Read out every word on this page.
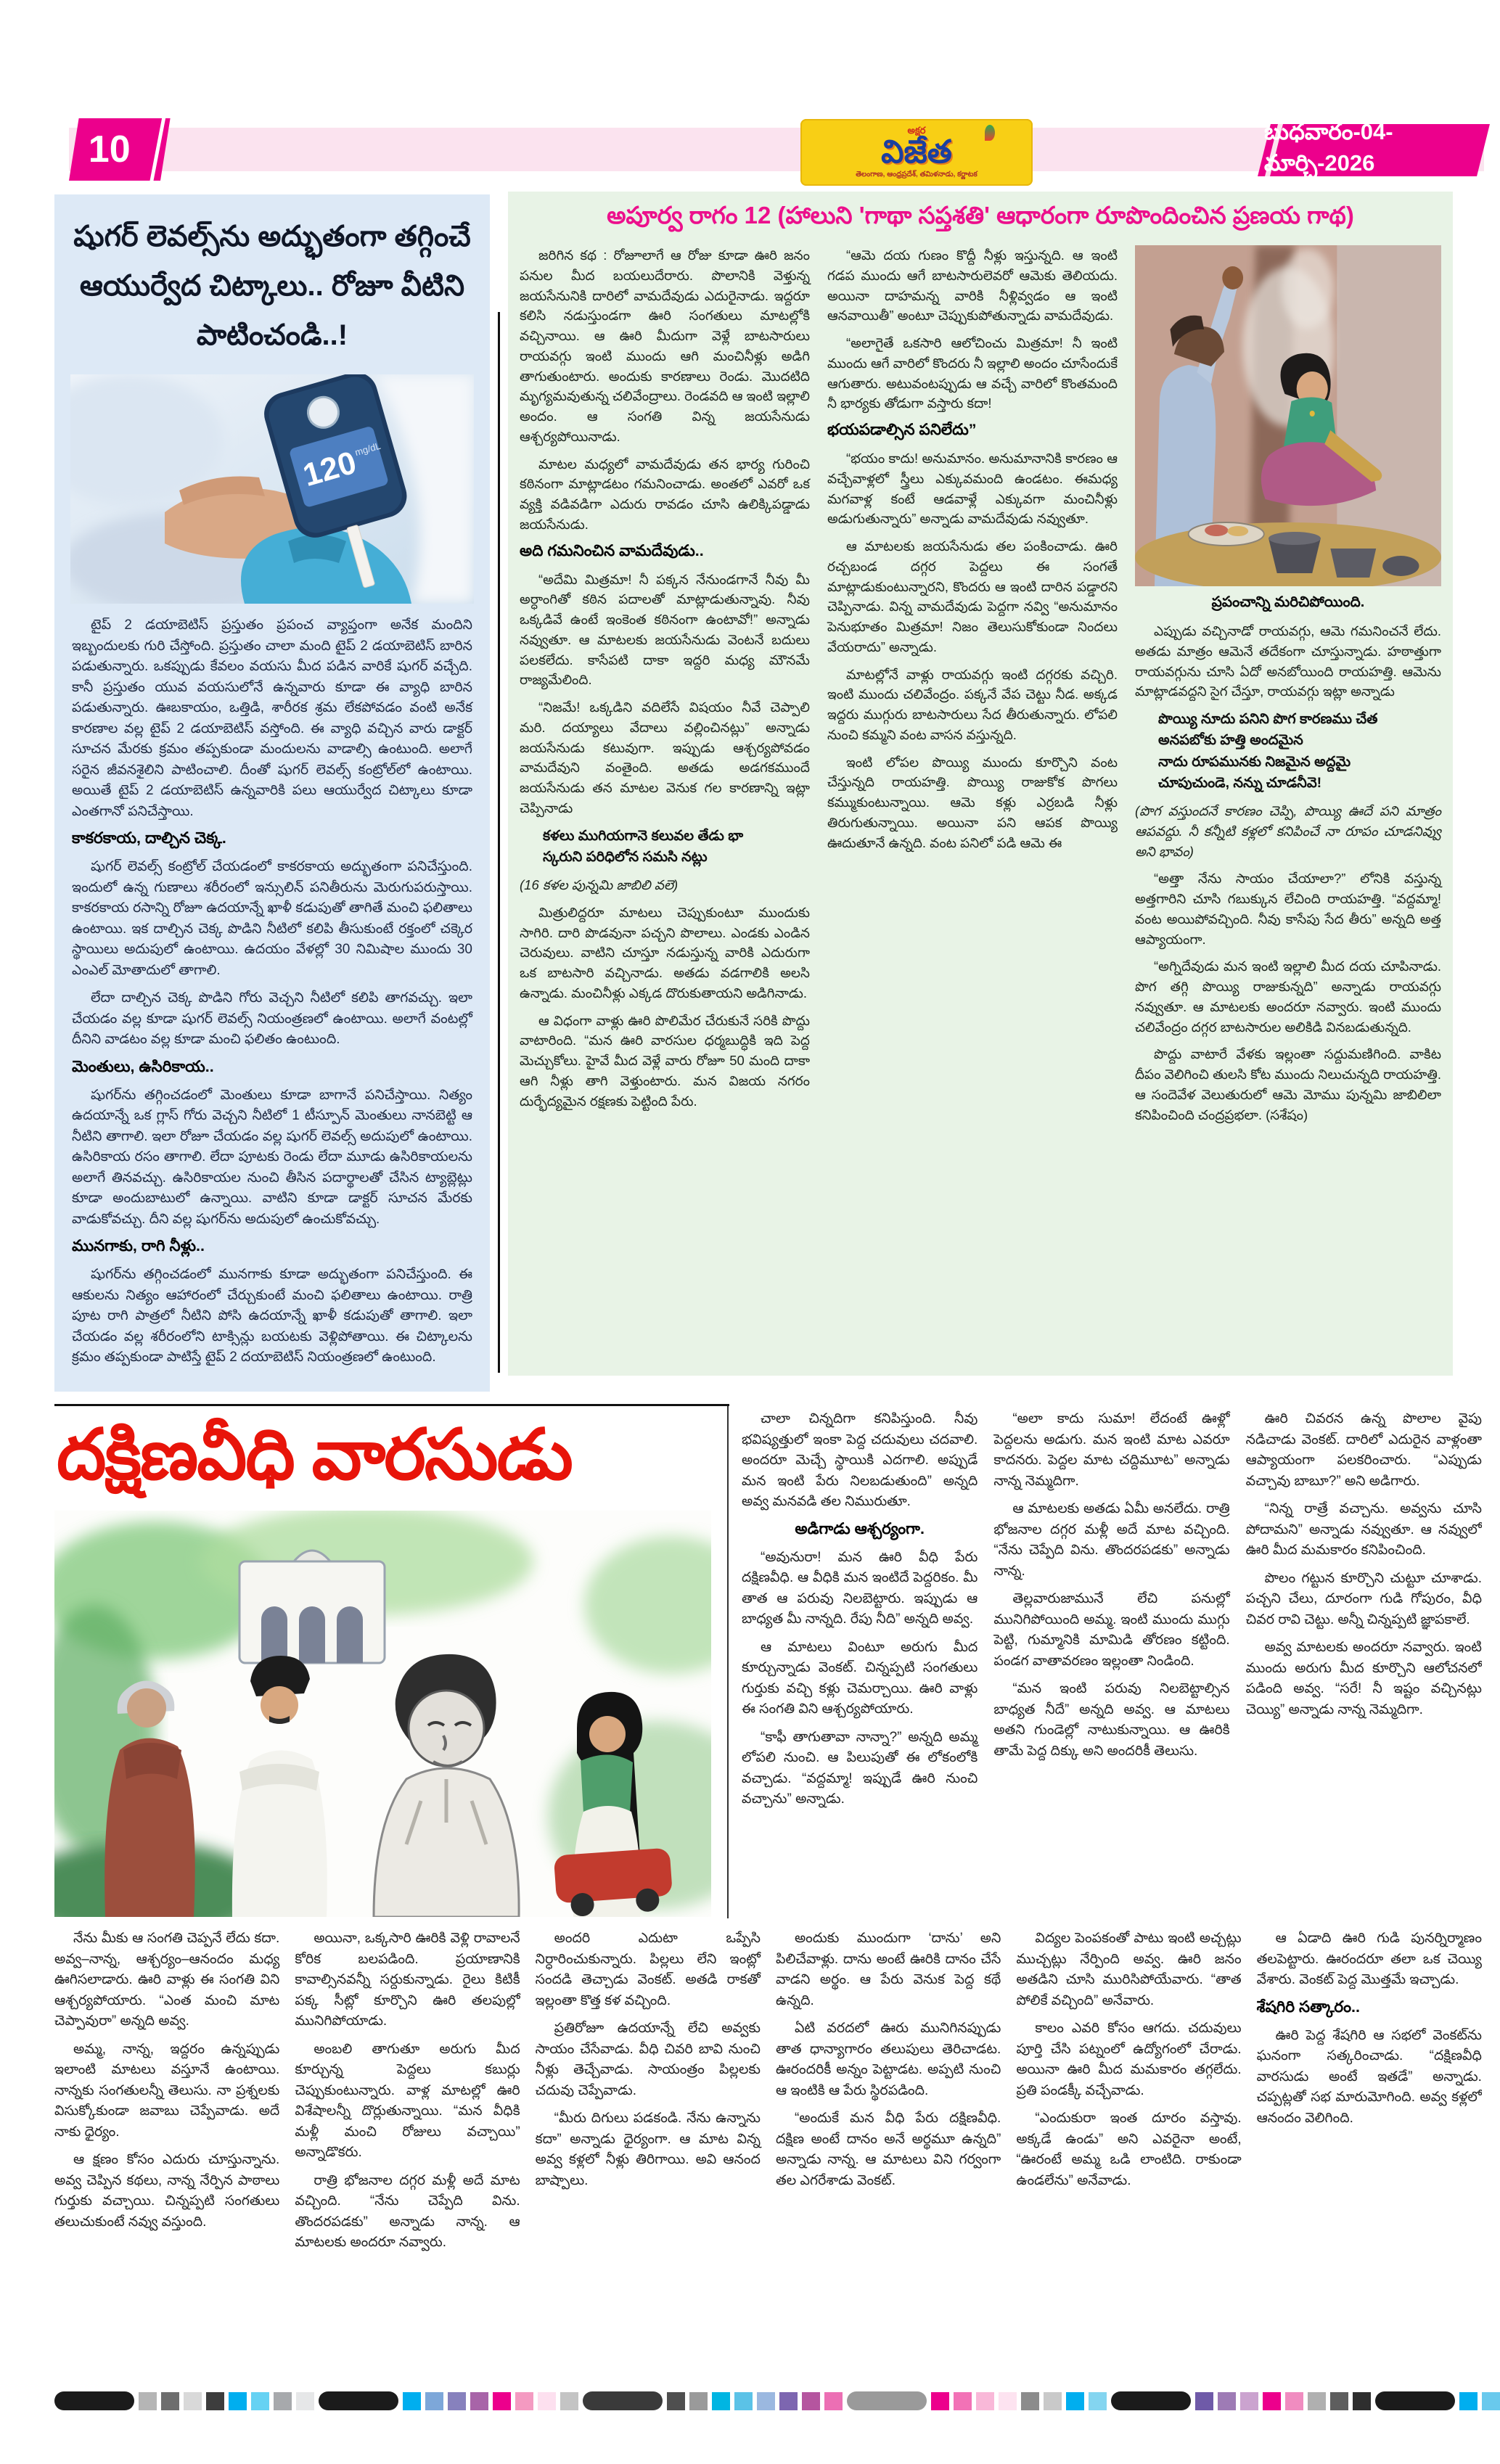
10	అక్షర
విజేత
తెలంగాణ, ఆంధ్రప్రదేశ్, తమిళనాడు, కర్ణాటక
బుధవారం-04-మార్చి-2026
షుగర్ లెవల్స్‌ను అద్భుతంగా తగ్గించే ఆయుర్వేద చిట్కాలు.. రోజూ వీటిని పాటించండి..!
120
mg/dL

టైప్ 2 డయాబెటిస్ ప్రస్తుతం ప్రపంచ వ్యాప్తంగా అనేక మందిని ఇబ్బందులకు గురి చేస్తోంది. ప్రస్తుతం చాలా మంది టైప్ 2 డయాబెటిస్ బారిన పడుతున్నారు. ఒకప్పుడు కేవలం వయసు మీద పడిన వారికే షుగర్ వచ్చేది. కానీ ప్రస్తుతం యువ వయసులోనే ఉన్నవారు కూడా ఈ వ్యాధి బారిన పడుతున్నారు. ఊబకాయం, ఒత్తిడి, శారీరక శ్రమ లేకపోవడం వంటి అనేక కారణాల వల్ల టైప్ 2 డయాబెటిస్ వస్తోంది. ఈ వ్యాధి వచ్చిన వారు డాక్టర్ సూచన మేరకు క్రమం తప్పకుండా మందులను వాడాల్సి ఉంటుంది. అలాగే సరైన జీవనశైలిని పాటించాలి. దీంతో షుగర్ లెవల్స్ కంట్రోల్‌లో ఉంటాయి. అయితే టైప్ 2 డయాబెటిస్ ఉన్నవారికి పలు ఆయుర్వేద చిట్కాలు కూడా ఎంతగానో పనిచేస్తాయి.

కాకరకాయ, దాల్చిన చెక్క.

షుగర్ లెవల్స్ కంట్రోల్ చేయడంలో కాకరకాయ అద్భుతంగా పనిచేస్తుంది. ఇందులో ఉన్న గుణాలు శరీరంలో ఇన్సులిన్ పనితీరును మెరుగుపరుస్తాయి. కాకరకాయ రసాన్ని రోజూ ఉదయాన్నే ఖాళీ కడుపుతో తాగితే మంచి ఫలితాలు ఉంటాయి. ఇక దాల్చిన చెక్క పొడిని నీటిలో కలిపి తీసుకుంటే రక్తంలో చక్కెర స్థాయిలు అదుపులో ఉంటాయి. ఉదయం వేళల్లో 30 నిమిషాల ముందు 30 ఎంఎల్ మోతాదులో తాగాలి.

లేదా దాల్చిన చెక్క పొడిని గోరు వెచ్చని నీటిలో కలిపి తాగవచ్చు. ఇలా చేయడం వల్ల కూడా షుగర్ లెవల్స్ నియంత్రణలో ఉంటాయి. అలాగే వంటల్లో దీనిని వాడటం వల్ల కూడా మంచి ఫలితం ఉంటుంది.

మెంతులు, ఉసిరికాయ..

షుగర్‌ను తగ్గించడంలో మెంతులు కూడా బాగానే పనిచేస్తాయి. నిత్యం ఉదయాన్నే ఒక గ్లాస్ గోరు వెచ్చని నీటిలో 1 టీస్పూన్ మెంతులు నానబెట్టి ఆ నీటిని తాగాలి. ఇలా రోజూ చేయడం వల్ల షుగర్ లెవల్స్ అదుపులో ఉంటాయి. ఉసిరికాయ రసం తాగాలి. లేదా పూటకు రెండు లేదా మూడు ఉసిరికాయలను అలాగే తినవచ్చు. ఉసిరికాయల నుంచి తీసిన పదార్థాలతో చేసిన ట్యాబ్లెట్లు కూడా అందుబాటులో ఉన్నాయి. వాటిని కూడా డాక్టర్ సూచన మేరకు వాడుకోవచ్చు. దీని వల్ల షుగర్‌ను అదుపులో ఉంచుకోవచ్చు.

మునగాకు, రాగి నీళ్లు..

షుగర్‌ను తగ్గించడంలో మునగాకు కూడా అద్భుతంగా పనిచేస్తుంది. ఈ ఆకులను నిత్యం ఆహారంలో చేర్చుకుంటే మంచి ఫలితాలు ఉంటాయి. రాత్రి పూట రాగి పాత్రలో నీటిని పోసి ఉదయాన్నే ఖాళీ కడుపుతో తాగాలి. ఇలా చేయడం వల్ల శరీరంలోని టాక్సిన్లు బయటకు వెళ్లిపోతాయి. ఈ చిట్కాలను క్రమం తప్పకుండా పాటిస్తే టైప్ 2 దయాబెటిస్ నియంత్రణలో ఉంటుంది.

అపూర్వ రాగం 12 (హాలుని 'గాథా సప్తశతి' ఆధారంగా రూపొందించిన ప్రణయ గాథ)

జరిగిన కథ : రోజూలాగే ఆ రోజు కూడా ఊరి జనం పనుల మీద బయలుదేరారు. పొలానికి వెళ్తున్న జయసేనునికి దారిలో వామదేవుడు ఎదురైనాడు. ఇద్దరూ కలిసి నడుస్తుండగా ఊరి సంగతులు మాటల్లోకి వచ్చినాయి. ఆ ఊరి మీదుగా వెళ్లే బాటసారులు రాయవగ్గు ఇంటి ముందు ఆగి మంచినీళ్లు అడిగి తాగుతుంటారు. అందుకు కారణాలు రెండు. మొదటిది మృగ్యమవుతున్న చలివేంద్రాలు. రెండవది ఆ ఇంటి ఇల్లాలి అందం. ఆ సంగతి విన్న జయసేనుడు ఆశ్చర్యపోయినాడు.

మాటల మధ్యలో వామదేవుడు తన భార్య గురించి కఠినంగా మాట్లాడటం గమనించాడు. అంతలో ఎవరో ఒక వ్యక్తి వడివడిగా ఎదురు రావడం చూసి ఉలిక్కిపడ్డాడు జయసేనుడు.

అది గమనించిన వామదేవుడు..

“అదేమి మిత్రమా! నీ పక్కన నేనుండగానే నీవు మీ అర్ధాంగితో కఠిన పదాలతో మాట్లాడుతున్నావు. నీవు ఒక్కడివే ఉంటే ఇంకెంత కఠినంగా ఉంటావో!” అన్నాడు నవ్వుతూ. ఆ మాటలకు జయసేనుడు వెంటనే బదులు పలకలేదు. కాసేపటి దాకా ఇద్దరి మధ్య మౌనమే రాజ్యమేలింది.

“నిజమే! ఒక్కడిని వదిలేసే విషయం నీవే చెప్పాలి మరి. దయ్యాలు వేదాలు వల్లించినట్లు” అన్నాడు జయసేనుడు కటువుగా. ఇప్పుడు ఆశ్చర్యపోవడం వామదేవుని వంతైంది. అతడు అడగకముందే జయసేనుడు తన మాటల వెనుక గల కారణాన్ని ఇట్లా చెప్పినాడు

కళలు ముగియగానె కలువల తేడు భా
స్కరుని పరిధిలోన సమసి నట్లు

(16 కళల పున్నమి జాబిలి వలె)

మిత్రులిద్దరూ మాటలు చెప్పుకుంటూ ముందుకు సాగిరి. దారి పొడవునా పచ్చని పొలాలు. ఎండకు ఎండిన చెరువులు. వాటిని చూస్తూ నడుస్తున్న వారికి ఎదురుగా ఒక బాటసారి వచ్చినాడు. అతడు వడగాలికి అలసి ఉన్నాడు. మంచినీళ్లు ఎక్కడ దొరుకుతాయని అడిగినాడు.

ఆ విధంగా వాళ్లు ఊరి పొలిమేర చేరుకునే సరికి పొద్దు వాటారింది. “మన ఊరి వారసుల ధర్మబుద్ధికి ఇది పెద్ద మెచ్చుకోలు. హైవే మీద వెళ్లే వారు రోజూ 50 మంది దాకా ఆగి నీళ్లు తాగి వెళ్తుంటారు. మన విజయ నగరం దుర్భేద్యమైన రక్షణకు పెట్టింది పేరు.

“ఆమె దయ గుణం కొద్దీ నీళ్లు ఇస్తున్నది. ఆ ఇంటి గడప ముందు ఆగే బాటసారులెవరో ఆమెకు తెలియదు. అయినా దాహమన్న వారికి నీళ్లివ్వడం ఆ ఇంటి ఆనవాయితీ” అంటూ చెప్పుకుపోతున్నాడు వామదేవుడు.

“అలాగైతే ఒకసారి ఆలోచించు మిత్రమా! నీ ఇంటి ముందు ఆగే వారిలో కొందరు నీ ఇల్లాలి అందం చూసేందుకే ఆగుతారు. అటువంటప్పుడు ఆ వచ్చే వారిలో కొంతమంది నీ భార్యకు తోడుగా వస్తారు కదా!

భయపడాల్సిన పనిలేదు”

“భయం కాదు! అనుమానం. అనుమానానికి కారణం ఆ వచ్చేవాళ్లలో స్త్రీలు ఎక్కువమంది ఉండటం. ఈమధ్య మగవాళ్ల కంటే ఆడవాళ్లే ఎక్కువగా మంచినీళ్లు అడుగుతున్నారు” అన్నాడు వామదేవుడు నవ్వుతూ.

ఆ మాటలకు జయసేనుడు తల పంకించాడు. ఊరి రచ్చబండ దగ్గర పెద్దలు ఈ సంగతే మాట్లాడుకుంటున్నారని, కొందరు ఆ ఇంటి దారిన పడ్డారని చెప్పినాడు. విన్న వామదేవుడు పెద్దగా నవ్వి “అనుమానం పెనుభూతం మిత్రమా! నిజం తెలుసుకోకుండా నిందలు వేయరాదు” అన్నాడు.

మాటల్లోనే వాళ్లు రాయవగ్గు ఇంటి దగ్గరకు వచ్చిరి. ఇంటి ముందు చలివేంద్రం. పక్కనే వేప చెట్టు నీడ. అక్కడ ఇద్దరు ముగ్గురు బాటసారులు సేద తీరుతున్నారు. లోపలి నుంచి కమ్మని వంట వాసన వస్తున్నది.

ఇంటి లోపల పొయ్యి ముందు కూర్చొని వంట చేస్తున్నది రాయహత్తి. పొయ్యి రాజుకోక పొగలు కమ్ముకుంటున్నాయి. ఆమె కళ్లు ఎర్రబడి నీళ్లు తిరుగుతున్నాయి. అయినా పని ఆపక పొయ్యి ఊదుతూనే ఉన్నది. వంట పనిలో పడి ఆమె ఈ

ప్రపంచాన్ని మరిచిపోయింది.

ఎప్పుడు వచ్చినాడో రాయవగ్గు, ఆమె గమనించనే లేదు. అతడు మాత్రం ఆమెనే తదేకంగా చూస్తున్నాడు. హఠాత్తుగా రాయవగ్గును చూసి ఏదో అనబోయింది రాయహత్తి. ఆమెను మాట్లాడవద్దని సైగ చేస్తూ, రాయవగ్గు ఇట్లా అన్నాడు

పొయ్యి నూదు పనిని పొగ కారణము చేత
అనపబోకు హత్తి అందమైన
నాదు రూపమునకు నిజమైన అద్దమై
చూపుచుండె, నన్ను చూడనీవె!

(పొగ వస్తుందనే కారణం చెప్పి, పొయ్యి ఊదే పని మాత్రం ఆపవద్దు. నీ కన్నీటి కళ్లలో కనిపించే నా రూపం చూడనివ్వు అని భావం)

“అత్తా నేను సాయం చేయాలా?” లోనికి వస్తున్న అత్తగారిని చూసి గబుక్కున లేచింది రాయహత్తి. “వద్దమ్మా! వంట అయిపోవచ్చింది. నీవు కాసేపు సేద తీరు” అన్నది అత్త ఆప్యాయంగా.

“అగ్నిదేవుడు మన ఇంటి ఇల్లాలి మీద దయ చూపినాడు. పొగ తగ్గి పొయ్యి రాజుకున్నది” అన్నాడు రాయవగ్గు నవ్వుతూ. ఆ మాటలకు అందరూ నవ్వారు. ఇంటి ముందు చలివేంద్రం దగ్గర బాటసారుల అలికిడి వినబడుతున్నది.

పొద్దు వాటారే వేళకు ఇల్లంతా సద్దుమణిగింది. వాకిట దీపం వెలిగించి తులసి కోట ముందు నిలుచున్నది రాయహత్తి. ఆ సందెవేళ వెలుతురులో ఆమె మోము పున్నమి జాబిలిలా కనిపించింది చంద్రప్రభలా. (సశేషం)

దక్షిణవీధి వారసుడు	చాలా చిన్నదిగా కనిపిస్తుంది. నీవు భవిష్యత్తులో ఇంకా పెద్ద చదువులు చదవాలి. అందరూ మెచ్చే స్థాయికి ఎదగాలి. అప్పుడే మన ఇంటి పేరు నిలబడుతుంది” అన్నది అవ్వ మనవడి తల నిమురుతూ.

అడిగాడు ఆశ్చర్యంగా.

“అవునురా! మన ఊరి వీధి పేరు దక్షిణవీధి. ఆ వీధికి మన ఇంటిదే పెద్దరికం. మీ తాత ఆ పరువు నిలబెట్టారు. ఇప్పుడు ఆ బాధ్యత మీ నాన్నది. రేపు నీది” అన్నది అవ్వ.

ఆ మాటలు వింటూ అరుగు మీద కూర్చున్నాడు వెంకట్. చిన్నప్పటి సంగతులు గుర్తుకు వచ్చి కళ్లు చెమర్చాయి. ఊరి వాళ్లు ఈ సంగతి విని ఆశ్చర్యపోయారు.

“కాఫీ తాగుతావా నాన్నా?” అన్నది అమ్మ లోపలి నుంచి. ఆ పిలుపుతో ఈ లోకంలోకి వచ్చాడు. “వద్దమ్మా! ఇప్పుడే ఊరి నుంచి వచ్చాను” అన్నాడు.

“అలా కాదు సుమా! లేదంటే ఊళ్లో పెద్దలను అడుగు. మన ఇంటి మాట ఎవరూ కాదనరు. పెద్దల మాట చద్దిమూట” అన్నాడు నాన్న నెమ్మదిగా.

ఆ మాటలకు అతడు ఏమీ అనలేదు. రాత్రి భోజనాల దగ్గర మళ్లీ అదే మాట వచ్చింది. “నేను చెప్పేది విను. తొందరపడకు” అన్నాడు నాన్న.

తెల్లవారుజామునే లేచి పనుల్లో మునిగిపోయింది అమ్మ. ఇంటి ముందు ముగ్గు పెట్టి, గుమ్మానికి మామిడి తోరణం కట్టింది. పండగ వాతావరణం ఇల్లంతా నిండింది.

“మన ఇంటి పరువు నిలబెట్టాల్సిన బాధ్యత నీదే” అన్నది అవ్వ. ఆ మాటలు అతని గుండెల్లో నాటుకున్నాయి. ఆ ఊరికి తామే పెద్ద దిక్కు అని అందరికీ తెలుసు.

ఊరి చివరన ఉన్న పొలాల వైపు నడిచాడు వెంకట్. దారిలో ఎదురైన వాళ్లంతా ఆప్యాయంగా పలకరించారు. “ఎప్పుడు వచ్చావు బాబూ?” అని అడిగారు.

“నిన్న రాత్రే వచ్చాను. అవ్వను చూసి పోదామని” అన్నాడు నవ్వుతూ. ఆ నవ్వులో ఊరి మీద మమకారం కనిపించింది.

పొలం గట్టున కూర్చొని చుట్టూ చూశాడు. పచ్చని చేలు, దూరంగా గుడి గోపురం, వీధి చివర రావి చెట్టు. అన్నీ చిన్నప్పటి జ్ఞాపకాలే.

అవ్వ మాటలకు అందరూ నవ్వారు. ఇంటి ముందు అరుగు మీద కూర్చొని ఆలోచనలో పడింది అవ్వ. “సరే! నీ ఇష్టం వచ్చినట్లు చెయ్యి” అన్నాడు నాన్న నెమ్మదిగా.

నేను మీకు ఆ సంగతి చెప్పనే లేదు కదా. అవ్వ–నాన్న, ఆశ్చర్యం–ఆనందం మధ్య ఊగిసలాడారు. ఊరి వాళ్లు ఈ సంగతి విని ఆశ్చర్యపోయారు. “ఎంత మంచి మాట చెప్పావురా” అన్నది అవ్వ.

అమ్మ, నాన్న, ఇద్దరం ఉన్నప్పుడు ఇలాంటి మాటలు వస్తూనే ఉంటాయి. నాన్నకు సంగతులన్నీ తెలుసు. నా ప్రశ్నలకు విసుక్కోకుండా జవాబు చెప్పేవాడు. అదే నాకు ధైర్యం.

ఆ క్షణం కోసం ఎదురు చూస్తున్నాను. అవ్వ చెప్పిన కథలు, నాన్న నేర్పిన పాఠాలు గుర్తుకు వచ్చాయి. చిన్నప్పటి సంగతులు తలుచుకుంటే నవ్వు వస్తుంది.

అయినా, ఒక్కసారి ఊరికి వెళ్లి రావాలనే కోరిక బలపడింది. ప్రయాణానికి కావాల్సినవన్నీ సర్దుకున్నాడు. రైలు కిటికీ పక్క సీట్లో కూర్చొని ఊరి తలపుల్లో మునిగిపోయాడు.

అంబలి తాగుతూ అరుగు మీద కూర్చున్న పెద్దలు కబుర్లు చెప్పుకుంటున్నారు. వాళ్ల మాటల్లో ఊరి విశేషాలన్నీ దొర్లుతున్నాయి. “మన వీధికి మళ్లీ మంచి రోజులు వచ్చాయి” అన్నాడొకరు.

రాత్రి భోజనాల దగ్గర మళ్లీ అదే మాట వచ్చింది. “నేను చెప్పేది విను. తొందరపడకు” అన్నాడు నాన్న. ఆ మాటలకు అందరూ నవ్వారు.

అందరి ఎదుటా ఒప్పేసి నిర్ధారించుకున్నారు. పిల్లలు లేని ఇంట్లో సందడి తెచ్చాడు వెంకట్. అతడి రాకతో ఇల్లంతా కొత్త కళ వచ్చింది.

ప్రతిరోజూ ఉదయాన్నే లేచి అవ్వకు సాయం చేసేవాడు. వీధి చివరి బావి నుంచి నీళ్లు తెచ్చేవాడు. సాయంత్రం పిల్లలకు చదువు చెప్పేవాడు.

“మీరు దిగులు పడకండి. నేను ఉన్నాను కదా” అన్నాడు ధైర్యంగా. ఆ మాట విన్న అవ్వ కళ్లలో నీళ్లు తిరిగాయి. అవి ఆనంద బాష్పాలు.

అందుకు ముందుగా ‘దాను’ అని పిలిచేవాళ్లు. దాను అంటే ఊరికి దానం చేసే వాడని అర్థం. ఆ పేరు వెనుక పెద్ద కథే ఉన్నది.

ఏటి వరదలో ఊరు మునిగినప్పుడు తాత ధాన్యాగారం తలుపులు తెరిచాడట. ఊరందరికీ అన్నం పెట్టాడట. అప్పటి నుంచి ఆ ఇంటికి ఆ పేరు స్థిరపడింది.

“అందుకే మన వీధి పేరు దక్షిణవీధి. దక్షిణ అంటే దానం అనే అర్థమూ ఉన్నది” అన్నాడు నాన్న. ఆ మాటలు విని గర్వంగా తల ఎగరేశాడు వెంకట్.

విద్యల పెంపకంతో పాటు ఇంటి అచ్చట్లు ముచ్చట్లు నేర్పింది అవ్వ. ఊరి జనం అతడిని చూసి మురిసిపోయేవారు. “తాత పోలికే వచ్చింది” అనేవారు.

కాలం ఎవరి కోసం ఆగదు. చదువులు పూర్తి చేసి పట్నంలో ఉద్యోగంలో చేరాడు. అయినా ఊరి మీద మమకారం తగ్గలేదు. ప్రతి పండక్కీ వచ్చేవాడు.

“ఎందుకురా ఇంత దూరం వస్తావు. అక్కడే ఉండు” అని ఎవరైనా అంటే, “ఊరంటే అమ్మ ఒడి లాంటిది. రాకుండా ఉండలేను” అనేవాడు.

ఆ ఏడాది ఊరి గుడి పునర్నిర్మాణం తలపెట్టారు. ఊరందరూ తలా ఒక చెయ్యి వేశారు. వెంకట్ పెద్ద మొత్తమే ఇచ్చాడు.

శేషగిరి సత్కారం..

ఊరి పెద్ద శేషగిరి ఆ సభలో వెంకట్‌ను ఘనంగా సత్కరించాడు. “దక్షిణవీధి వారసుడు అంటే ఇతడే” అన్నాడు. చప్పట్లతో సభ మారుమోగింది. అవ్వ కళ్లలో ఆనందం వెలిగింది.
